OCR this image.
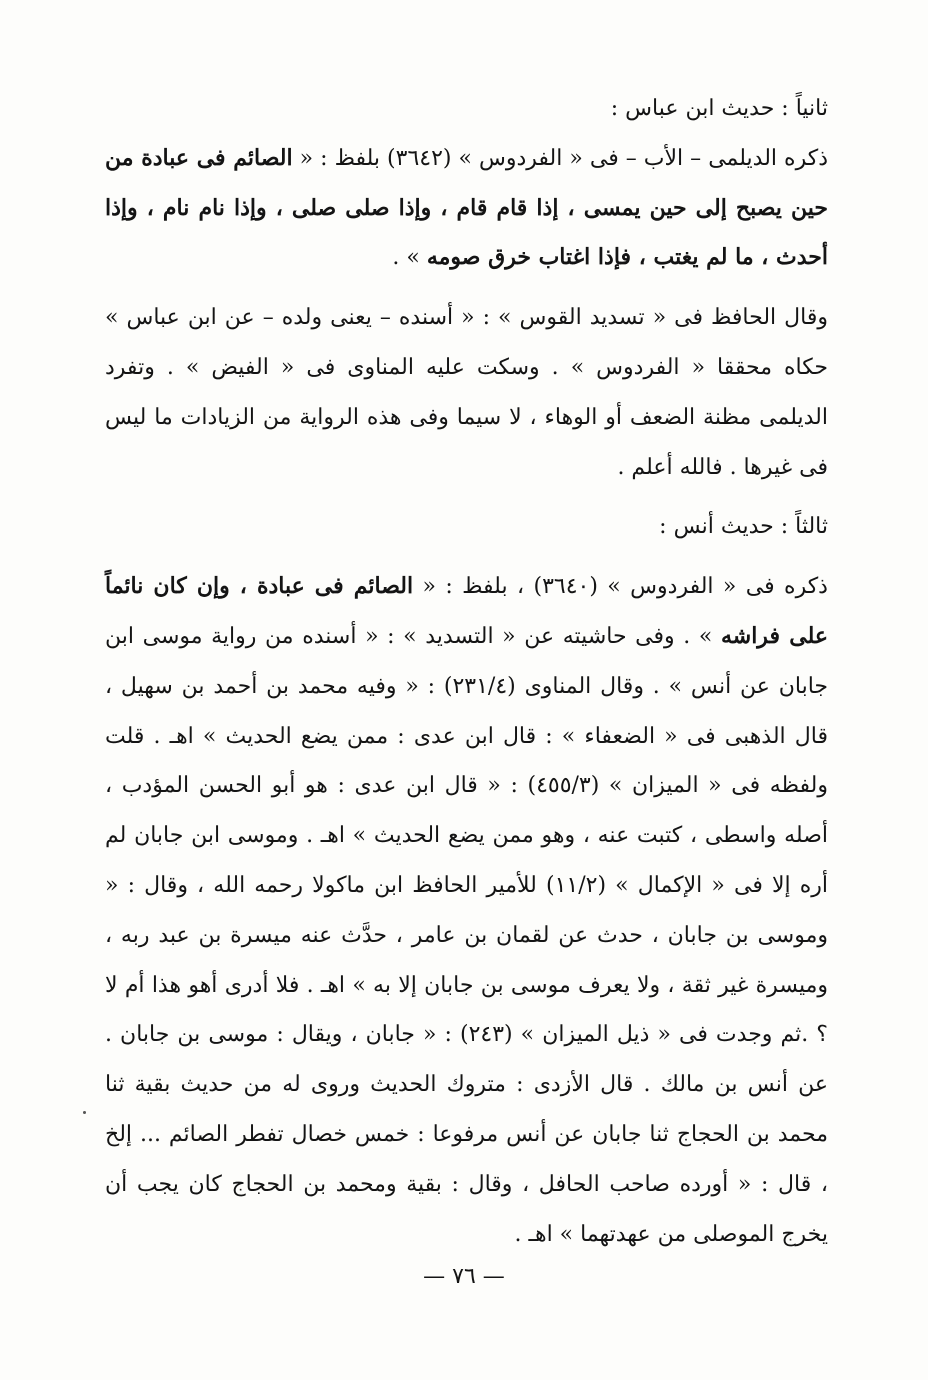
ثانياً : حديث ابن عباس :

ذكره الديلمى – الأب – فى « الفردوس » (٣٦٤٢) بلفظ : « الصائم فى عبادة من حين يصبح إلى حين يمسى ، إذا قام قام ، وإذا صلى صلى ، وإذا نام نام ، وإذا أحدث ، ما لم يغتب ، فإذا اغتاب خرق صومه » .

وقال الحافظ فى « تسديد القوس » : « أسنده – يعنى ولده – عن ابن عباس » حكاه محققا « الفردوس » . وسكت عليه المناوى فى « الفيض » . وتفرد الديلمى مظنة الضعف أو الوهاء ، لا سيما وفى هذه الرواية من الزيادات ما ليس فى غيرها . فالله أعلم .

ثالثاً : حديث أنس :

ذكره فى « الفردوس » (٣٦٤٠) ، بلفظ : « الصائم فى عبادة ، وإن كان نائماً على فراشه » . وفى حاشيته عن « التسديد » : « أسنده من رواية موسى ابن جابان عن أنس » . وقال المناوى (٢٣١/٤) : « وفيه محمد بن أحمد بن سهيل ، قال الذهبى فى « الضعفاء » : قال ابن عدى : ممن يضع الحديث » اهـ . قلت ولفظه فى « الميزان » (٤٥٥/٣) : « قال ابن عدى : هو أبو الحسن المؤدب ، أصله واسطى ، كتبت عنه ، وهو ممن يضع الحديث » اهـ . وموسى ابن جابان لم أره إلا فى « الإكمال » (١١/٢) للأمير الحافظ ابن ماكولا رحمه الله ، وقال : « وموسى بن جابان ، حدث عن لقمان بن عامر ، حدَّث عنه ميسرة بن عبد ربه ، وميسرة غير ثقة ، ولا يعرف موسى بن جابان إلا به » اهـ . فلا أدرى أهو هذا أم لا ؟ .ثم وجدت فى « ذيل الميزان » (٢٤٣) : « جابان ، ويقال : موسى بن جابان . عن أنس بن مالك . قال الأزدى : متروك الحديث وروى له من حديث بقية ثنا محمد بن الحجاج ثنا جابان عن أنس مرفوعا : خمس خصال تفطر الصائم ... إلخ ، قال : « أورده صاحب الحافل ، وقال : بقية ومحمد بن الحجاج كان يجب أن يخرج الموصلى من عهدتهما » اهـ .

— ٧٦ —
